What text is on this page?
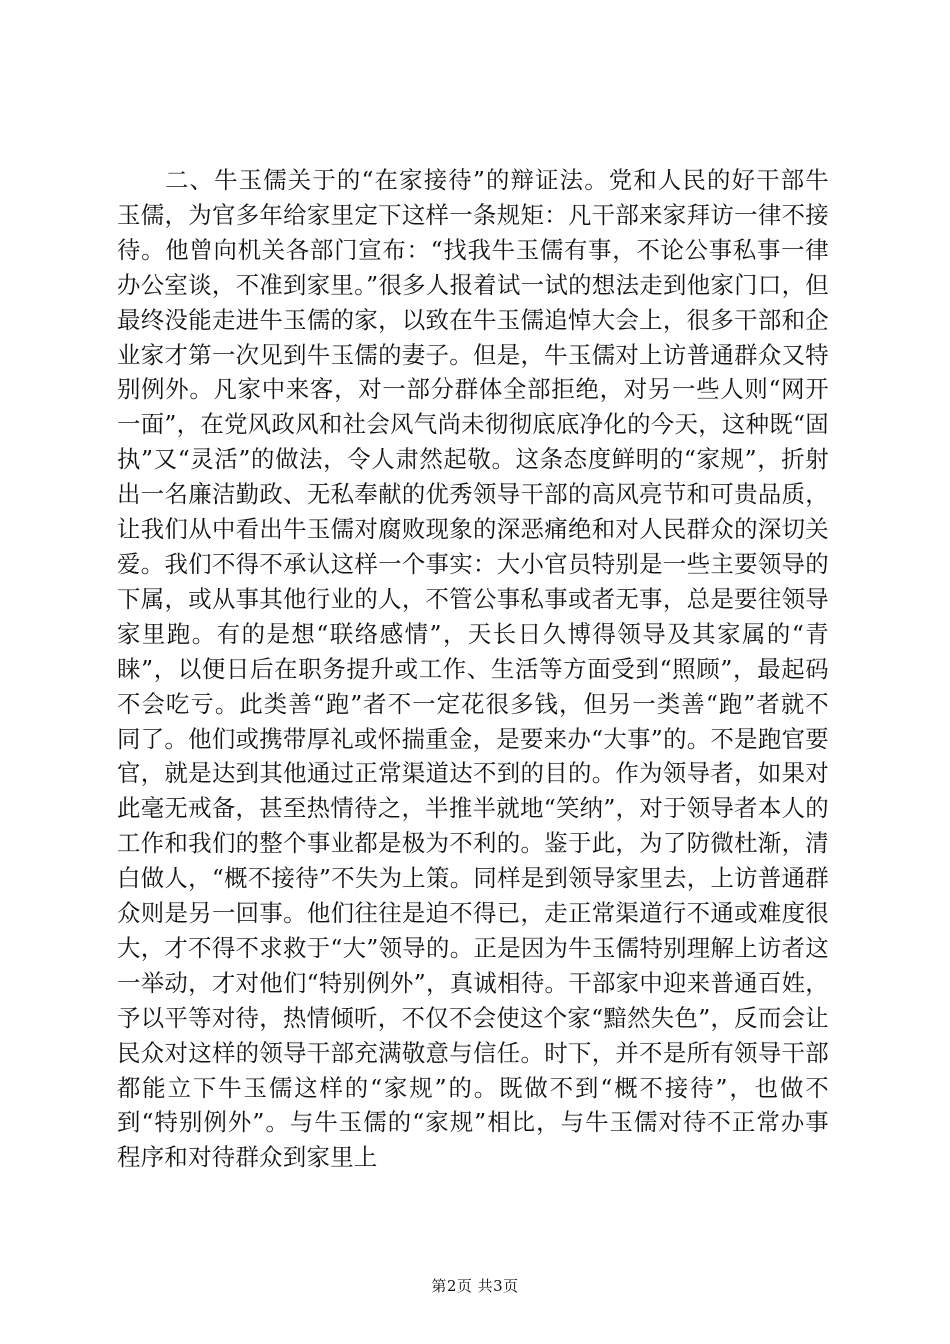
二、牛玉儒关于的“在家接待”的辩证法。党和人民的好干部牛玉儒，为官多年给家里定下这样一条规矩：凡干部来家拜访一律不接待。他曾向机关各部门宣布：“找我牛玉儒有事，不论公事私事一律办公室谈，不准到家里。”很多人报着试一试的想法走到他家门口，但最终没能走进牛玉儒的家，以致在牛玉儒追悼大会上，很多干部和企业家才第一次见到牛玉儒的妻子。但是，牛玉儒对上访普通群众又特别例外。凡家中来客，对一部分群体全部拒绝，对另一些人则“网开一面”，在党风政风和社会风气尚未彻彻底底净化的今天，这种既“固执”又“灵活”的做法，令人肃然起敬。这条态度鲜明的“家规”，折射出一名廉洁勤政、无私奉献的优秀领导干部的高风亮节和可贵品质，让我们从中看出牛玉儒对腐败现象的深恶痛绝和对人民群众的深切关爱。我们不得不承认这样一个事实：大小官员特别是一些主要领导的下属，或从事其他行业的人，不管公事私事或者无事，总是要往领导家里跑。有的是想“联络感情”，天长日久博得领导及其家属的“青睐”，以便日后在职务提升或工作、生活等方面受到“照顾”，最起码不会吃亏。此类善“跑”者不一定花很多钱，但另一类善“跑”者就不同了。他们或携带厚礼或怀揣重金，是要来办“大事”的。不是跑官要官，就是达到其他通过正常渠道达不到的目的。作为领导者，如果对此毫无戒备，甚至热情待之，半推半就地“笑纳”，对于领导者本人的工作和我们的整个事业都是极为不利的。鉴于此，为了防微杜渐，清白做人，“概不接待”不失为上策。同样是到领导家里去，上访普通群众则是另一回事。他们往往是迫不得已，走正常渠道行不通或难度很大，才不得不求救于“大”领导的。正是因为牛玉儒特别理解上访者这一举动，才对他们“特别例外”，真诚相待。干部家中迎来普通百姓，予以平等对待，热情倾听，不仅不会使这个家“黯然失色”，反而会让民众对这样的领导干部充满敬意与信任。时下，并不是所有领导干部都能立下牛玉儒这样的“家规”的。既做不到“概不接待”，也做不到“特别例外”。与牛玉儒的“家规”相比，与牛玉儒对待不正常办事程序和对待群众到家里上

第2页 共3页
